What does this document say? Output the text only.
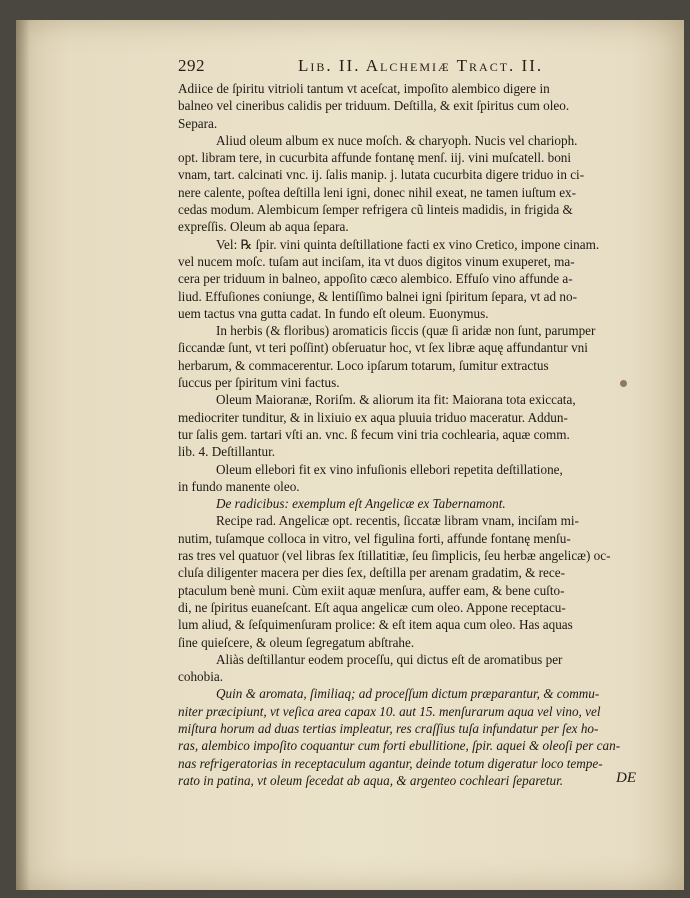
292	Lib. II. Alchemiæ Tract. II.
Adiice de ſpiritu vitrioli tantum vt aceſcat, impoſito alembico digere in
balneo vel cineribus calidis per triduum. Deſtilla, & exit ſpiritus cum oleo.
Separa.
Aliud oleum album ex nuce moſch. & charyoph. Nucis vel charioph.
opt. libram tere, in cucurbita affunde fontanę menſ. iij. vini muſcatell. boni
vnam, tart. calcinati vnc. ij. ſalis manip. j. lutata cucurbita digere triduo in ci-
nere calente, poſtea deſtilla leni igni, donec nihil exeat, ne tamen iuſtum ex-
cedas modum. Alembicum ſemper refrigera cũ linteis madidis, in frigida &
expreſſis. Oleum ab aqua ſepara.
Vel: ℞ ſpir. vini quinta deſtillatione facti ex vino Cretico, impone cinam.
vel nucem moſc. tuſam aut inciſam, ita vt duos digitos vinum exuperet, ma-
cera per triduum in balneo, appoſito cæco alembico. Effuſo vino affunde a-
liud. Effuſiones coniunge, & lentiſſimo balnei igni ſpiritum ſepara, vt ad no-
uem tactus vna gutta cadat. In fundo eſt oleum. Euonymus.
In herbis (& floribus) aromaticis ſiccis (quæ ſi aridæ non ſunt, parumper
ſiccandæ ſunt, vt teri poſſint) obſeruatur hoc, vt ſex libræ aquę affundantur vni
herbarum, & commacerentur. Loco ipſarum totarum, ſumitur extractus
ſuccus per ſpiritum vini factus.
Oleum Maioranæ, Roriſm. & aliorum ita fit: Maiorana tota exiccata,
mediocriter tunditur, & in lixiuio ex aqua pluuia triduo maceratur. Addun-
tur ſalis gem. tartari vſti an. vnc. ß fecum vini tria cochlearia, aquæ comm.
lib. 4. Deſtillantur.
Oleum ellebori fit ex vino infuſionis ellebori repetita deſtillatione,
in fundo manente oleo.
De radicibus: exemplum eſt Angelicæ ex Tabernamont.
Recipe rad. Angelicæ opt. recentis, ſiccatæ libram vnam, inciſam mi-
nutim, tuſamque colloca in vitro, vel figulina forti, affunde fontanę menſu-
ras tres vel quatuor (vel libras ſex ſtillatitiæ, ſeu ſimplicis, ſeu herbæ angelicæ) oc-
cluſa diligenter macera per dies ſex, deſtilla per arenam gradatim, & rece-
ptaculum benè muni. Cùm exiit aquæ menſura, auffer eam, & bene cuſto-
di, ne ſpiritus euaneſcant. Eſt aqua angelicæ cum oleo. Appone receptacu-
lum aliud, & ſeſquimenſuram prolice: & eſt item aqua cum oleo. Has aquas
ſine quieſcere, & oleum ſegregatum abſtrahe.
Aliàs deſtillantur eodem proceſſu, qui dictus eſt de aromatibus per
cohobia.
Quin & aromata, ſimiliaq; ad proceſſum dictum præparantur, & commu-
niter præcipiunt, vt veſica area capax 10. aut 15. menſurarum aqua vel vino, vel
miſtura horum ad duas tertias impleatur, res craſſius tuſa infundatur per ſex ho-
ras, alembico impoſito coquantur cum forti ebullitione, ſpir. aquei & oleoſi per can-
nas refrigeratorias in receptaculum agantur, deinde totum digeratur loco tempe-
rato in patina, vt oleum ſecedat ab aqua, & argenteo cochleari ſeparetur.	DE
